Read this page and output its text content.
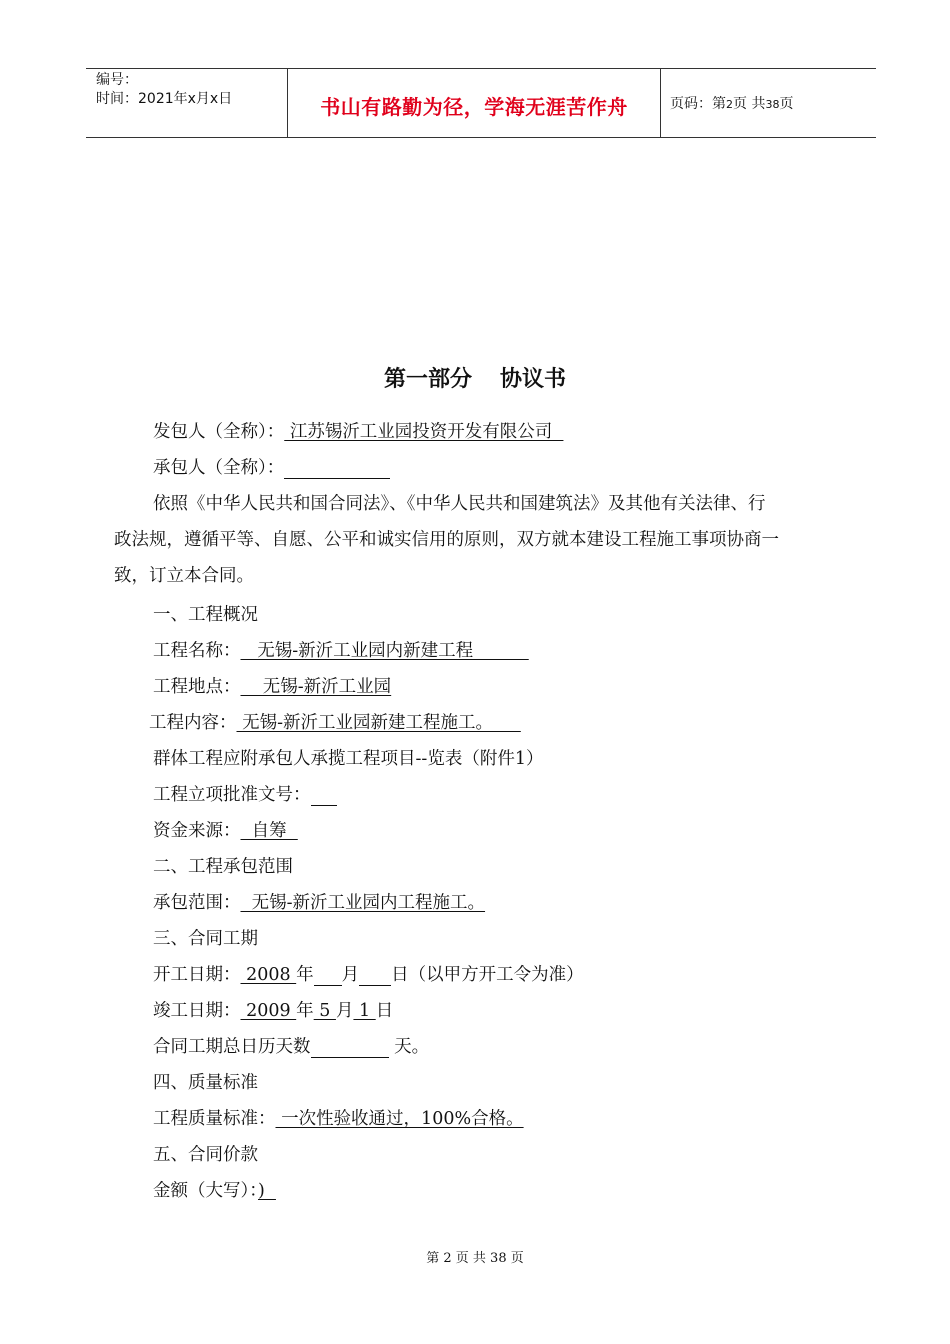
编号：
时间：2021年x月x日	书山有路勤为径，学海无涯苦作舟	页码：第2页 共38页
第一部分 协议书
发包人（全称）： 江苏锡沂工业园投资开发有限公司
承包人（全称）：
依照《中华人民共和国合同法》、《中华人民共和国建筑法》及其他有关法律、行
政法规，遵循平等、自愿、公平和诚实信用的原则，双方就本建设工程施工事项协商一
致，订立本合同。
一、工程概况
工程名称：   无锡-新沂工业园内新建工程
工程地点：    无锡-新沂工业园
工程内容： 无锡-新沂工业园新建工程施工。
群体工程应附承包人承揽工程项目--览表（附件1）
工程立项批准文号：
资金来源：  自筹
二、工程承包范围
承包范围：  无锡-新沂工业园内工程施工。
三、合同工期
开工日期： 2008 年 月 日（以甲方开工令为准）
竣工日期： 2009 年 5 月 1 日
合同工期总日历天数	天。
四、质量标准
工程质量标准： 一次性验收通过，100%合格。
五、合同价款
金额（大写）：)
第 2 页 共 38 页
